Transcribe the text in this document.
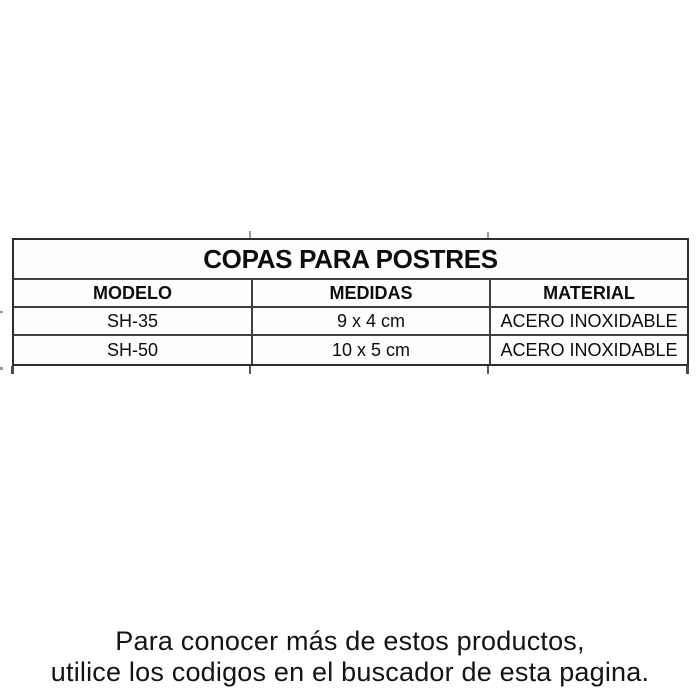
COPAS PARA POSTRES
MODELO	MEDIDAS	MATERIAL
SH-35	9 x 4 cm	ACERO INOXIDABLE
SH-50	10 x 5 cm	ACERO INOXIDABLE
Para conocer más de estos productos,
utilice los codigos en el buscador de esta pagina.
